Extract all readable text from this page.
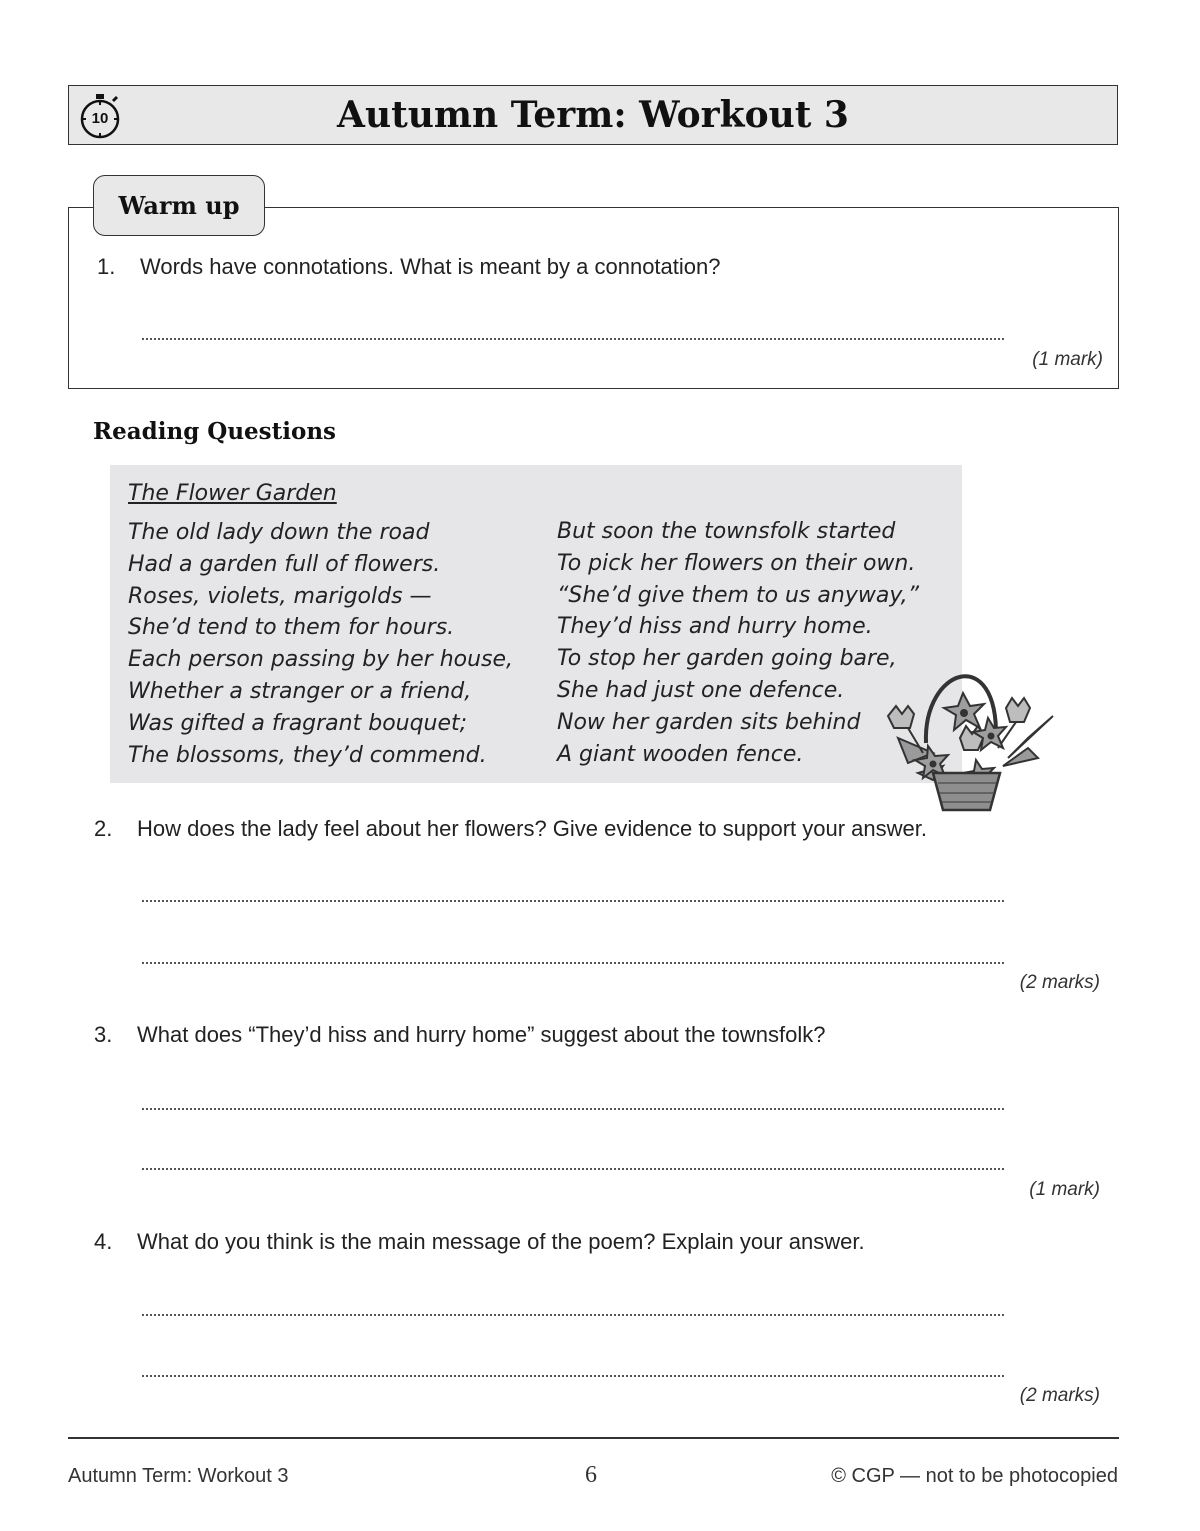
10	Autumn Term: Workout 3
Warm up
1. Words have connotations. What is meant by a connotation?
(1 mark)
Reading Questions
The Flower Garden
The old lady down the road
Had a garden full of flowers.
Roses, violets, marigolds —
She’d tend to them for hours.
Each person passing by her house,
Whether a stranger or a friend,
Was gifted a fragrant bouquet;
The blossoms, they’d commend.
But soon the townsfolk started
To pick her flowers on their own.
“She’d give them to us anyway,”
They’d hiss and hurry home.
To stop her garden going bare,
She had just one defence.
Now her garden sits behind
A giant wooden fence.
2. How does the lady feel about her flowers? Give evidence to support your answer.
(2 marks)
3. What does “They’d hiss and hurry home” suggest about the townsfolk?
(1 mark)
4. What do you think is the main message of the poem? Explain your answer.
(2 marks)
Autumn Term: Workout 3	6	© CGP — not to be photocopied
